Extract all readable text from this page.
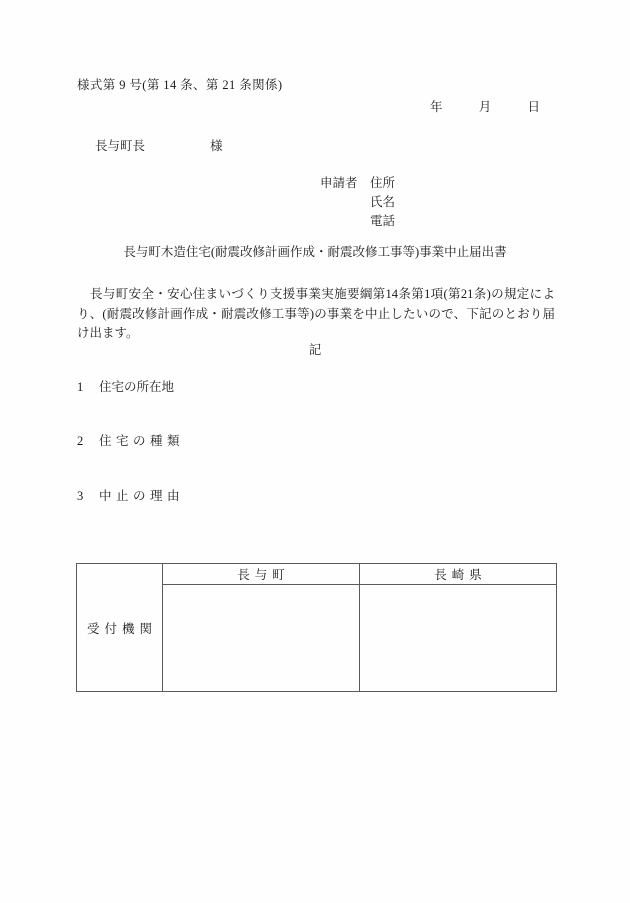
様式第 9 号(第 14 条、第 21 条関係)
年	月	日
長与町長	様
申請者 住所
氏名
電話
長与町木造住宅(耐震改修計画作成・耐震改修工事等)事業中止届出書
長与町安全・安心住まいづくり支援事業実施要綱第14条第1項(第21条)の規定により、(耐震改修計画作成・耐震改修工事等)の事業を中止したいので、下記のとおり届け出ます。
記
1 住宅の所在地
2 住宅の種類
3 中止の理由
受付機関	長与町	長崎県
